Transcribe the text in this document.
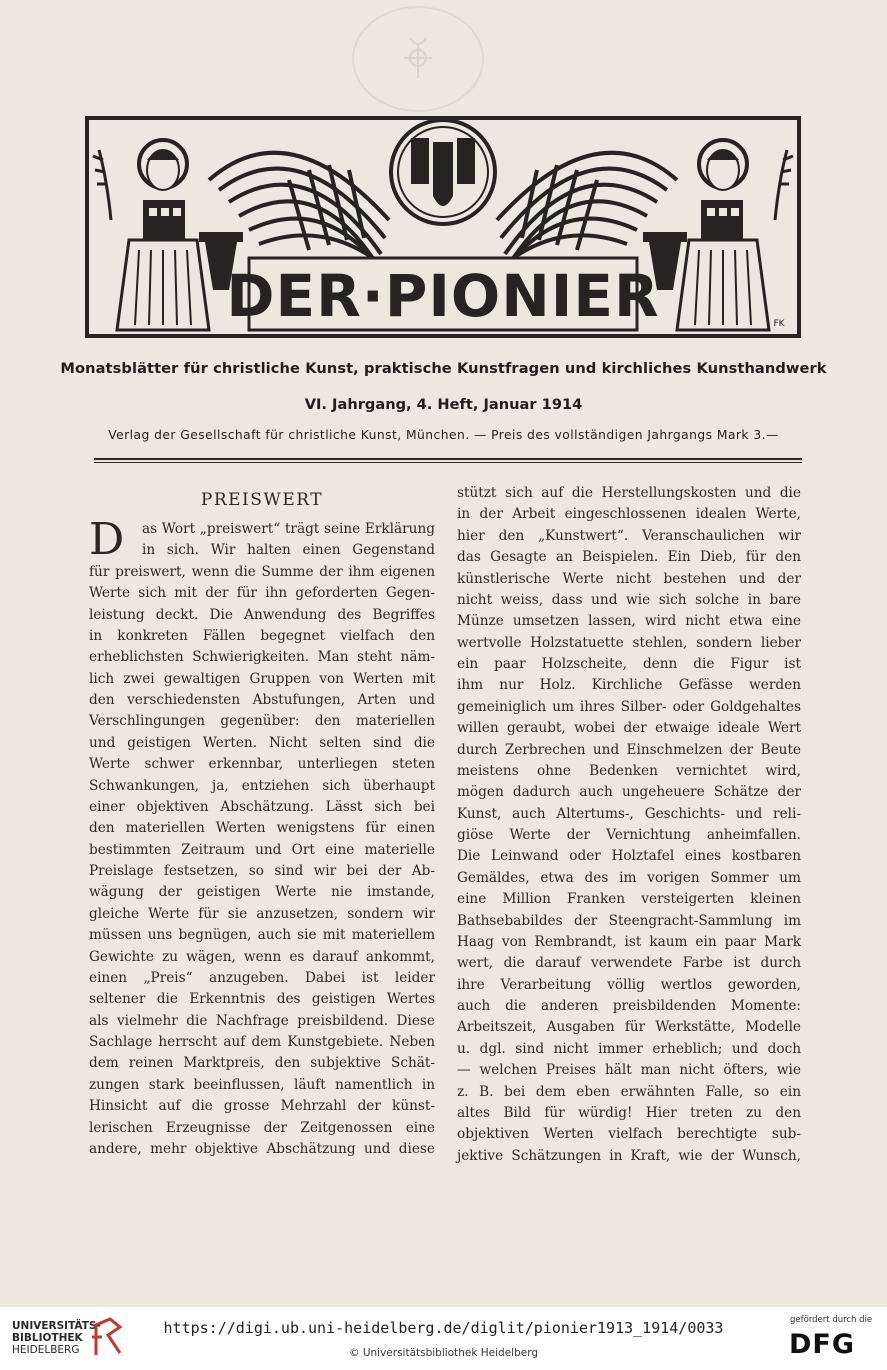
DER·PIONIER	FK
Monatsblätter für christliche Kunst, praktische Kunstfragen und kirchliches Kunsthandwerk
VI. Jahrgang, 4. Heft, Januar 1914
Verlag der Gesellschaft für christliche Kunst, München. — Preis des vollständigen Jahrgangs Mark 3.—
PREISWERT
D as Wort „preiswert“ trägt seine Erklärung
in sich. Wir halten einen Gegenstand
für preiswert, wenn die Summe der ihm eigenen
Werte sich mit der für ihn geforderten Gegen-
leistung deckt. Die Anwendung des Begriffes
in konkreten Fällen begegnet vielfach den
erheblichsten Schwierigkeiten. Man steht näm-
lich zwei gewaltigen Gruppen von Werten mit
den verschiedensten Abstufungen, Arten und
Verschlingungen gegenüber: den materiellen
und geistigen Werten. Nicht selten sind die
Werte schwer erkennbar, unterliegen steten
Schwankungen, ja, entziehen sich überhaupt
einer objektiven Abschätzung. Lässt sich bei
den materiellen Werten wenigstens für einen
bestimmten Zeitraum und Ort eine materielle
Preislage festsetzen, so sind wir bei der Ab-
wägung der geistigen Werte nie imstande,
gleiche Werte für sie anzusetzen, sondern wir
müssen uns begnügen, auch sie mit materiellem
Gewichte zu wägen, wenn es darauf ankommt,
einen „Preis“ anzugeben. Dabei ist leider
seltener die Erkenntnis des geistigen Wertes
als vielmehr die Nachfrage preisbildend. Diese
Sachlage herrscht auf dem Kunstgebiete. Neben
dem reinen Marktpreis, den subjektive Schät-
zungen stark beeinflussen, läuft namentlich in
Hinsicht auf die grosse Mehrzahl der künst-
lerischen Erzeugnisse der Zeitgenossen eine
andere, mehr objektive Abschätzung und diese
stützt sich auf die Herstellungskosten und die
in der Arbeit eingeschlossenen idealen Werte,
hier den „Kunstwert“. Veranschaulichen wir
das Gesagte an Beispielen. Ein Dieb, für den
künstlerische Werte nicht bestehen und der
nicht weiss, dass und wie sich solche in bare
Münze umsetzen lassen, wird nicht etwa eine
wertvolle Holzstatuette stehlen, sondern lieber
ein paar Holzscheite, denn die Figur ist
ihm nur Holz. Kirchliche Gefässe werden
gemeiniglich um ihres Silber- oder Goldgehaltes
willen geraubt, wobei der etwaige ideale Wert
durch Zerbrechen und Einschmelzen der Beute
meistens ohne Bedenken vernichtet wird,
mögen dadurch auch ungeheuere Schätze der
Kunst, auch Altertums-, Geschichts- und reli-
giöse Werte der Vernichtung anheimfallen.
Die Leinwand oder Holztafel eines kostbaren
Gemäldes, etwa des im vorigen Sommer um
eine Million Franken versteigerten kleinen
Bathsebabildes der Steengracht-Sammlung im
Haag von Rembrandt, ist kaum ein paar Mark
wert, die darauf verwendete Farbe ist durch
ihre Verarbeitung völlig wertlos geworden,
auch die anderen preisbildenden Momente:
Arbeitszeit, Ausgaben für Werkstätte, Modelle
u. dgl. sind nicht immer erheblich; und doch
— welchen Preises hält man nicht öfters, wie
z. B. bei dem eben erwähnten Falle, so ein
altes Bild für würdig! Hier treten zu den
objektiven Werten vielfach berechtigte sub-
jektive Schätzungen in Kraft, wie der Wunsch,
UNIVERSITÄTS-
BIBLIOTHEK
HEIDELBERG
https://digi.ub.uni-heidelberg.de/diglit/pionier1913_1914/0033
© Universitätsbibliothek Heidelberg
gefördert durch die
DFG
